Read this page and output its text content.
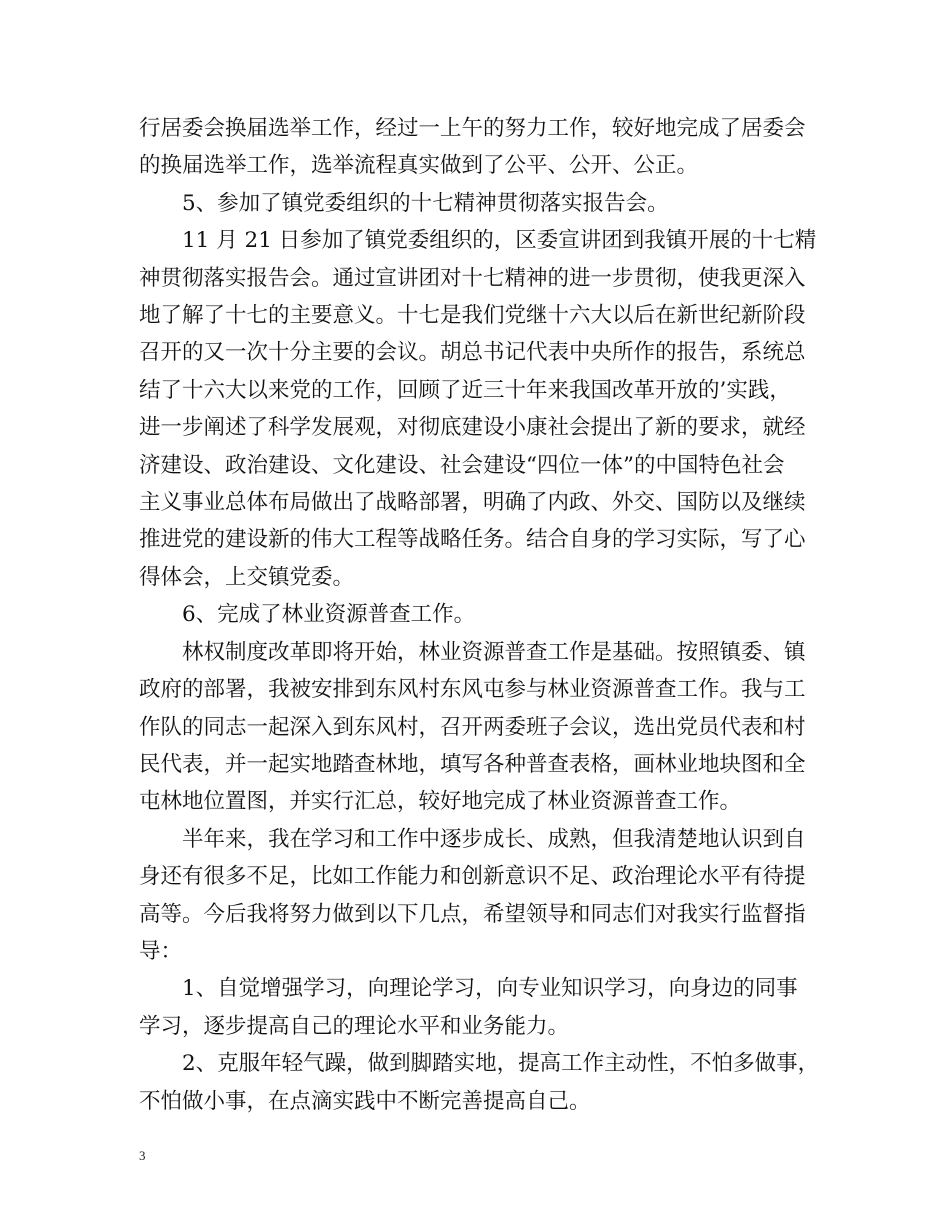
行居委会换届选举工作，经过一上午的努力工作，较好地完成了居委会
的换届选举工作，选举流程真实做到了公平、公开、公正。
5、参加了镇党委组织的十七精神贯彻落实报告会。
11 月 21 日参加了镇党委组织的，区委宣讲团到我镇开展的十七精
神贯彻落实报告会。通过宣讲团对十七精神的进一步贯彻，使我更深入
地了解了十七的主要意义。十七是我们党继十六大以后在新世纪新阶段
召开的又一次十分主要的会议。胡总书记代表中央所作的报告，系统总
结了十六大以来党的工作，回顾了近三十年来我国改革开放的’实践，
进一步阐述了科学发展观，对彻底建设小康社会提出了新的要求，就经
济建设、政治建设、文化建设、社会建设“四位一体”的中国特色社会
主义事业总体布局做出了战略部署，明确了内政、外交、国防以及继续
推进党的建设新的伟大工程等战略任务。结合自身的学习实际，写了心
得体会，上交镇党委。
6、完成了林业资源普查工作。
林权制度改革即将开始，林业资源普查工作是基础。按照镇委、镇
政府的部署，我被安排到东风村东风屯参与林业资源普查工作。我与工
作队的同志一起深入到东风村，召开两委班子会议，选出党员代表和村
民代表，并一起实地踏查林地，填写各种普查表格，画林业地块图和全
屯林地位置图，并实行汇总，较好地完成了林业资源普查工作。
半年来，我在学习和工作中逐步成长、成熟，但我清楚地认识到自
身还有很多不足，比如工作能力和创新意识不足、政治理论水平有待提
高等。今后我将努力做到以下几点，希望领导和同志们对我实行监督指
导：
1、自觉增强学习，向理论学习，向专业知识学习，向身边的同事
学习，逐步提高自己的理论水平和业务能力。
2、克服年轻气躁，做到脚踏实地，提高工作主动性，不怕多做事，
不怕做小事，在点滴实践中不断完善提高自己。
3
